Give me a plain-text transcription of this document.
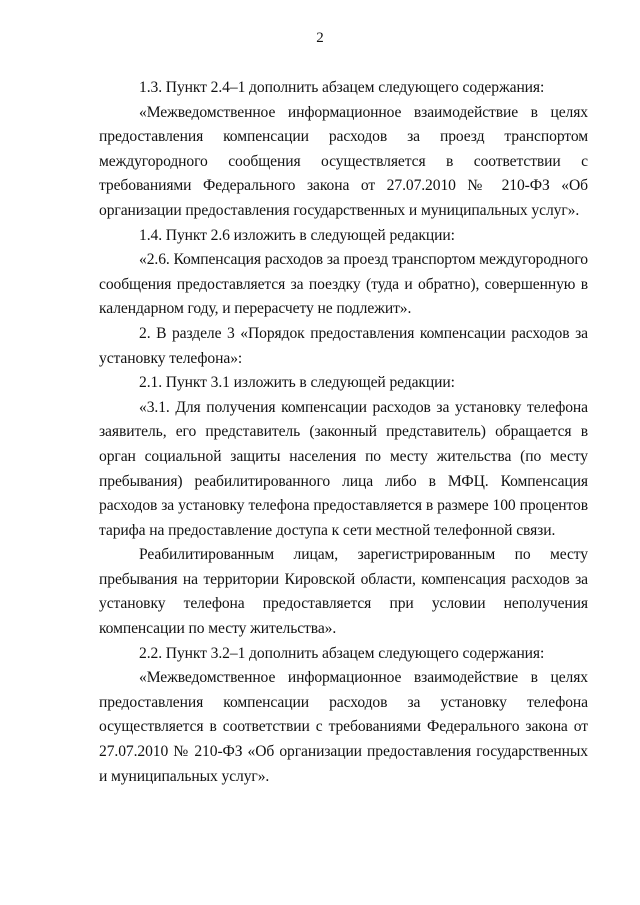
2

1.3. Пункт 2.4–1 дополнить абзацем следующего содержания:

«Межведомственное информационное взаимодействие в целях предоставления компенсации расходов за проезд транспортом междугородного сообщения осуществляется в соответствии с требованиями Федерального закона от 27.07.2010 № 210-ФЗ «Об организации предоставления государственных и муниципальных услуг».

1.4. Пункт 2.6 изложить в следующей редакции:

«2.6. Компенсация расходов за проезд транспортом междугородного сообщения предоставляется за поездку (туда и обратно), совершенную в календарном году, и перерасчету не подлежит».

2. В разделе 3 «Порядок предоставления компенсации расходов за установку телефона»:

2.1. Пункт 3.1 изложить в следующей редакции:

«3.1. Для получения компенсации расходов за установку телефона заявитель, его представитель (законный представитель) обращается в орган социальной защиты населения по месту жительства (по месту пребывания) реабилитированного лица либо в МФЦ. Компенсация расходов за установку телефона предоставляется в размере 100 процентов тарифа на предоставление доступа к сети местной телефонной связи.

Реабилитированным лицам, зарегистрированным по месту пребывания на территории Кировской области, компенсация расходов за установку телефона предоставляется при условии неполучения компенсации по месту жительства».

2.2. Пункт 3.2–1 дополнить абзацем следующего содержания:

«Межведомственное информационное взаимодействие в целях предоставления компенсации расходов за установку телефона осуществляется в соответствии с требованиями Федерального закона от 27.07.2010 № 210-ФЗ «Об организации предоставления государственных и муниципальных услуг».
